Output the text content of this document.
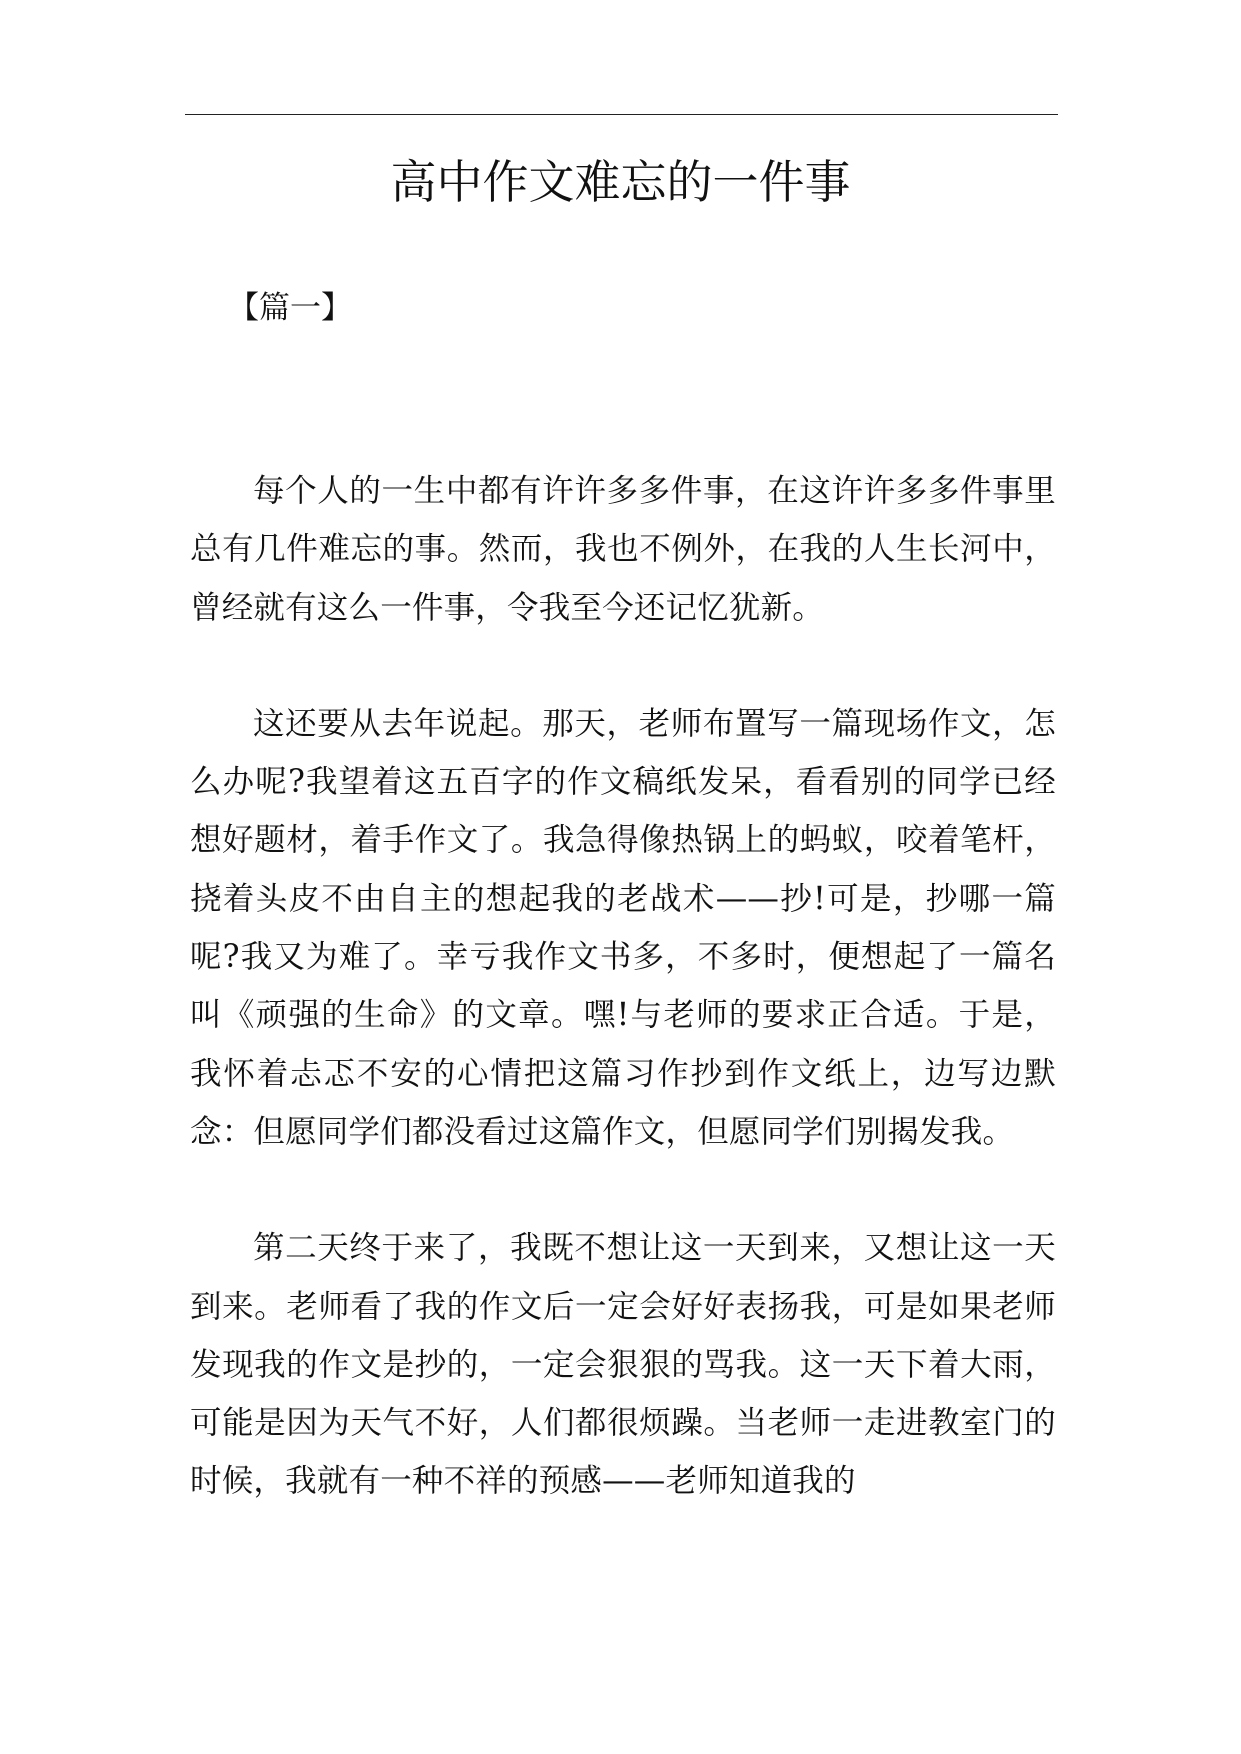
高中作文难忘的一件事

【篇一】

每个人的一生中都有许许多多件事，在这许许多多件事里总有几件难忘的事。然而，我也不例外，在我的人生长河中，曾经就有这么一件事，令我至今还记忆犹新。

这还要从去年说起。那天，老师布置写一篇现场作文，怎么办呢?我望着这五百字的作文稿纸发呆，看看别的同学已经想好题材，着手作文了。我急得像热锅上的蚂蚁，咬着笔杆，挠着头皮不由自主的想起我的老战术——抄!可是，抄哪一篇呢?我又为难了。幸亏我作文书多，不多时，便想起了一篇名叫《顽强的生命》的文章。嘿!与老师的要求正合适。于是，我怀着忐忑不安的心情把这篇习作抄到作文纸上，边写边默念：但愿同学们都没看过这篇作文，但愿同学们别揭发我。

第二天终于来了，我既不想让这一天到来，又想让这一天到来。老师看了我的作文后一定会好好表扬我，可是如果老师发现我的作文是抄的，一定会狠狠的骂我。这一天下着大雨，可能是因为天气不好，人们都很烦躁。当老师一走进教室门的时候，我就有一种不祥的预感——老师知道我的
